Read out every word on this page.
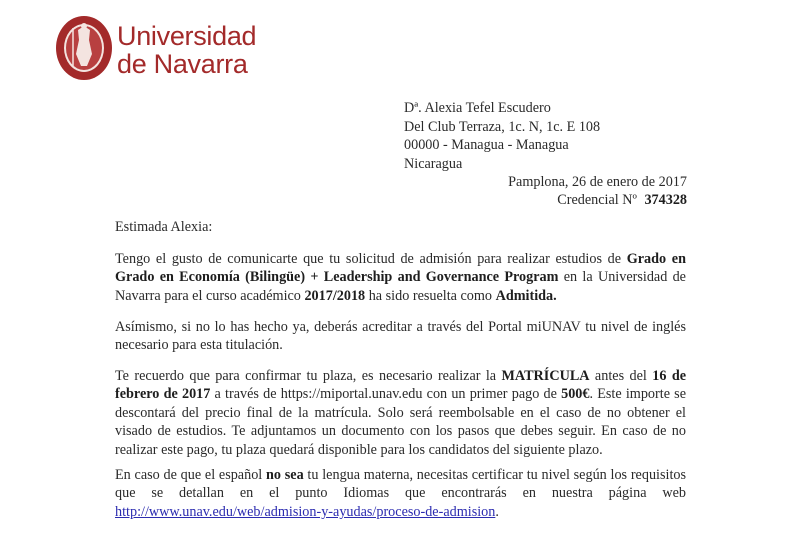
Universidad
de Navarra
Dª. Alexia Tefel Escudero
Del Club Terraza, 1c. N, 1c. E 108
00000 - Managua - Managua
Nicaragua
Pamplona, 26 de enero de 2017
Credencial Nº 374328
Estimada Alexia:
Tengo el gusto de comunicarte que tu solicitud de admisión para realizar estudios de Grado en Grado en Economía (Bilingüe) + Leadership and Governance Program en la Universidad de Navarra para el curso académico 2017/2018 ha sido resuelta como Admitida.
Asímismo, si no lo has hecho ya, deberás acreditar a través del Portal miUNAV tu nivel de inglés necesario para esta titulación.
Te recuerdo que para confirmar tu plaza, es necesario realizar la MATRÍCULA antes del 16 de febrero de 2017 a través de https://miportal.unav.edu con un primer pago de 500€. Este importe se descontará del precio final de la matrícula. Solo será reembolsable en el caso de no obtener el visado de estudios. Te adjuntamos un documento con los pasos que debes seguir. En caso de no realizar este pago, tu plaza quedará disponible para los candidatos del siguiente plazo.
En caso de que el español no sea tu lengua materna, necesitas certificar tu nivel según los requisitos que se detallan en el punto Idiomas que encontrarás en nuestra página web http://www.unav.edu/web/admision-y-ayudas/proceso-de-admision.
